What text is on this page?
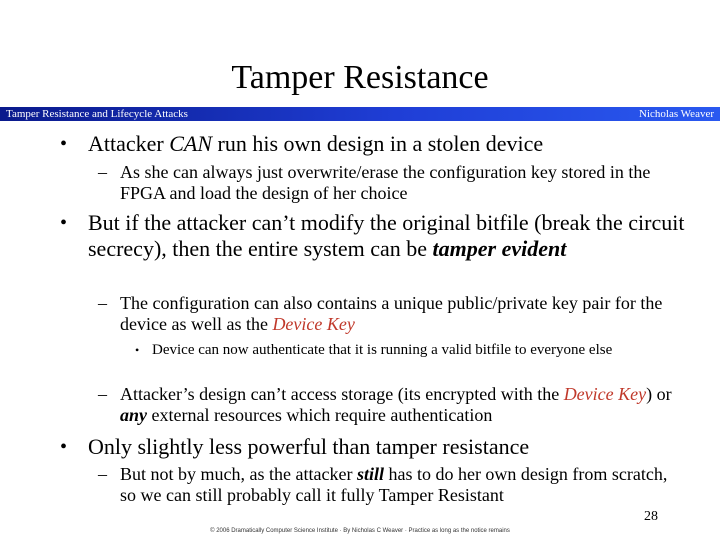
Tamper Resistance
Tamper Resistance and Lifecycle Attacks	Nicholas Weaver
• Attacker CAN run his own design in a stolen device
– As she can always just overwrite/erase the configuration key stored in the FPGA and load the design of her choice
• But if the attacker can’t modify the original bitfile (break the circuit secrecy), then the entire system can be tamper evident
– The configuration can also contains a unique public/private key pair for the device as well as the Device Key
• Device can now authenticate that it is running a valid bitfile to everyone else
– Attacker’s design can’t access storage (its encrypted with the Device Key) or any external resources which require authentication
• Only slightly less powerful than tamper resistance
– But not by much, as the attacker still has to do her own design from scratch, so we can still probably call it fully Tamper Resistant
28
© 2006 Dramatically Computer Science Institute · By Nicholas C Weaver · Practice as long as the notice remains
